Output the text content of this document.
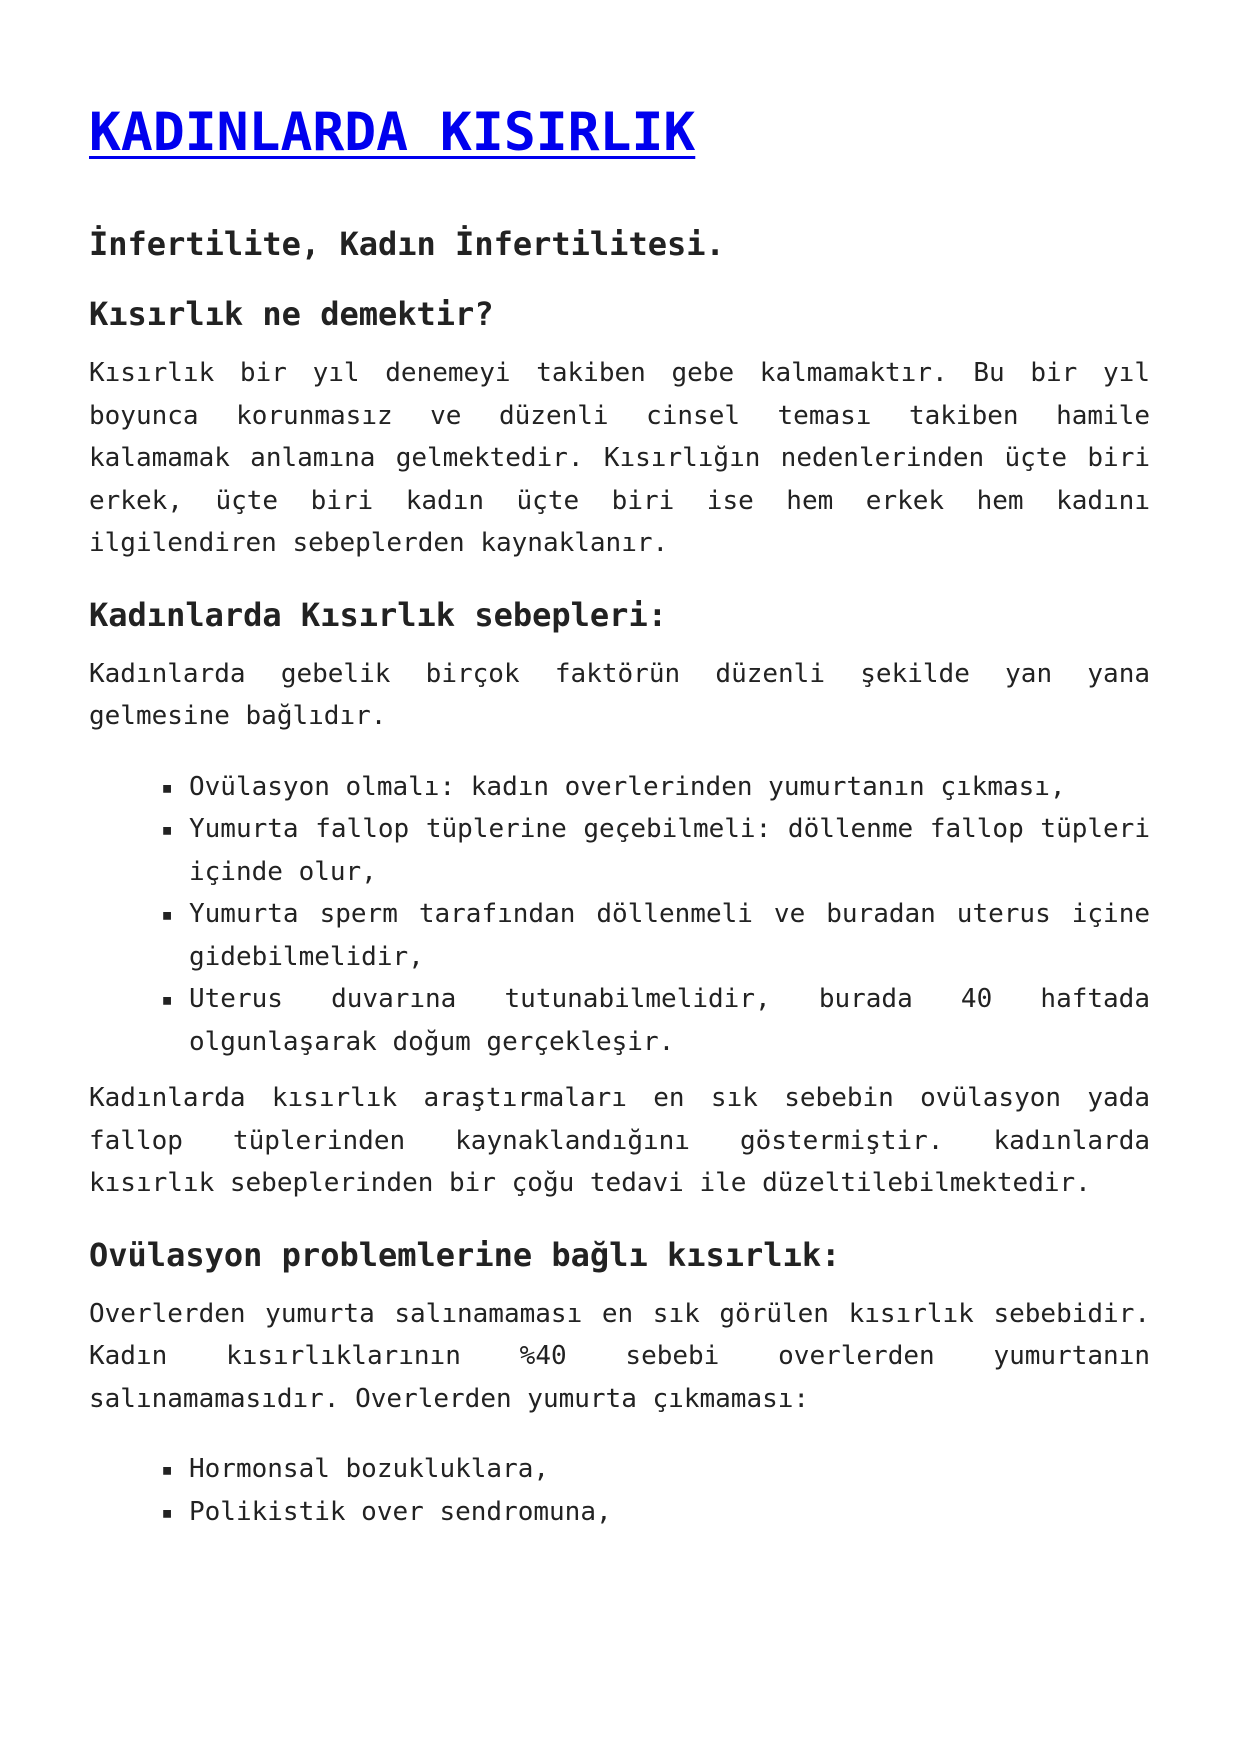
KADINLARDA KISIRLIK
İnfertilite, Kadın İnfertilitesi.
Kısırlık ne demektir?

Kısırlık bir yıl denemeyi takiben gebe kalmamaktır. Bu bir yıl boyunca korunmasız ve düzenli cinsel teması takiben hamile kalamamak anlamına gelmektedir. Kısırlığın nedenlerinden üçte biri erkek, üçte biri kadın üçte biri ise hem erkek hem kadını ilgilendiren sebeplerden kaynaklanır.

Kadınlarda Kısırlık sebepleri:

Kadınlarda gebelik birçok faktörün düzenli şekilde yan yana gelmesine bağlıdır.

▪ Ovülasyon olmalı: kadın overlerinden yumurtanın çıkması,
▪ Yumurta fallop tüplerine geçebilmeli: döllenme fallop tüpleri içinde olur,
▪ Yumurta sperm tarafından döllenmeli ve buradan uterus içine gidebilmelidir,
▪ Uterus duvarına tutunabilmelidir, burada 40 haftada olgunlaşarak doğum gerçekleşir.

Kadınlarda kısırlık araştırmaları en sık sebebin ovülasyon yada fallop tüplerinden kaynaklandığını göstermiştir. kadınlarda kısırlık sebeplerinden bir çoğu tedavi ile düzeltilebilmektedir.

Ovülasyon problemlerine bağlı kısırlık:

Overlerden yumurta salınamaması en sık görülen kısırlık sebebidir. Kadın kısırlıklarının %40 sebebi overlerden yumurtanın salınamamasıdır. Overlerden yumurta çıkmaması:

▪ Hormonsal bozukluklara,
▪ Polikistik over sendromuna,
